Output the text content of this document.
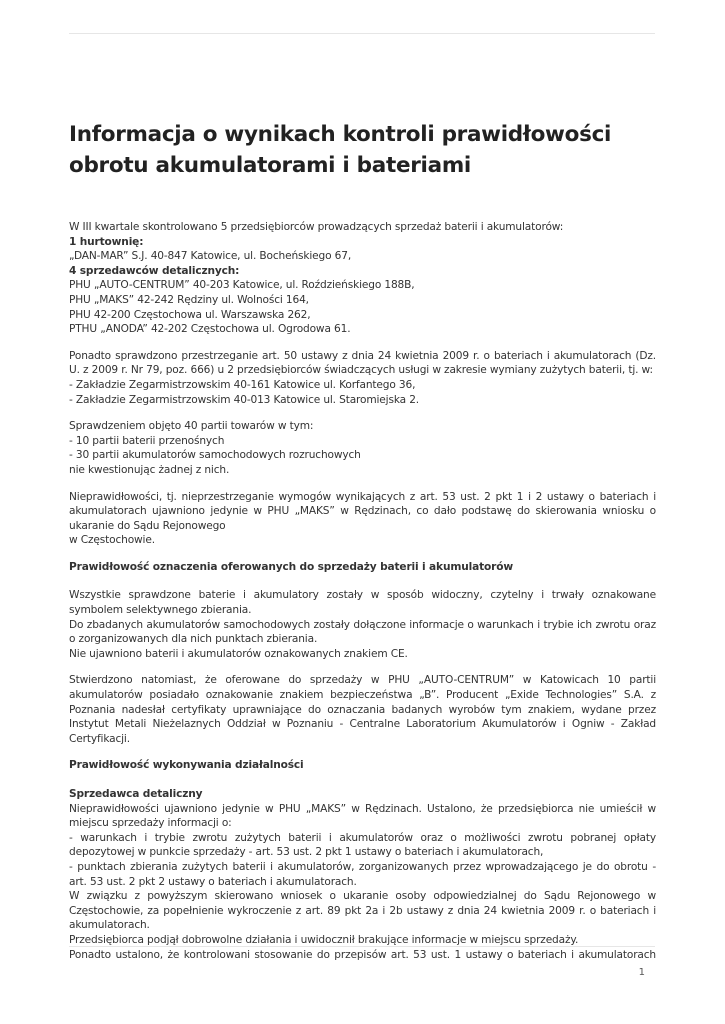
Informacja o wynikach kontroli prawidłowości obrotu akumulatorami i bateriami

W III kwartale skontrolowano 5 przedsiębiorców prowadzących sprzedaż baterii i akumulatorów:
1 hurtownię:
„DAN-MAR” S.J. 40-847 Katowice, ul. Bocheńskiego 67,
4 sprzedawców detalicznych:
PHU „AUTO-CENTRUM” 40-203 Katowice, ul. Roździeńskiego 188B,
PHU „MAKS” 42-242 Rędziny ul. Wolności 164,
PHU 42-200 Częstochowa ul. Warszawska 262,
PTHU „ANODA” 42-202 Częstochowa ul. Ogrodowa 61.

Ponadto sprawdzono przestrzeganie art. 50 ustawy z dnia 24 kwietnia 2009 r. o bateriach i akumulatorach (Dz. U. z 2009 r. Nr 79, poz. 666) u 2 przedsiębiorców świadczących usługi w zakresie wymiany zużytych baterii, tj. w:
- Zakładzie Zegarmistrzowskim 40-161 Katowice ul. Korfantego 36,
- Zakładzie Zegarmistrzowskim 40-013 Katowice ul. Staromiejska 2.

Sprawdzeniem objęto 40 partii towarów w tym:
- 10 partii baterii przenośnych
- 30 partii akumulatorów samochodowych rozruchowych
nie kwestionując żadnej z nich.

Nieprawidłowości, tj. nieprzestrzeganie wymogów wynikających z art. 53 ust. 2 pkt 1 i 2 ustawy o bateriach i akumulatorach ujawniono jedynie w PHU „MAKS” w Rędzinach, co dało podstawę do skierowania wniosku o ukaranie do Sądu Rejonowego
w Częstochowie.

Prawidłowość oznaczenia oferowanych do sprzedaży baterii i akumulatorów

Wszystkie sprawdzone baterie i akumulatory zostały w sposób widoczny, czytelny i trwały oznakowane symbolem selektywnego zbierania.
Do zbadanych akumulatorów samochodowych zostały dołączone informacje o warunkach i trybie ich zwrotu oraz o zorganizowanych dla nich punktach zbierania.
Nie ujawniono baterii i akumulatorów oznakowanych znakiem CE.

Stwierdzono natomiast, że oferowane do sprzedaży w PHU „AUTO-CENTRUM” w Katowicach 10 partii akumulatorów posiadało oznakowanie znakiem bezpieczeństwa „B”. Producent „Exide Technologies” S.A. z Poznania nadesłał certyfikaty uprawniające do oznaczania badanych wyrobów tym znakiem, wydane przez Instytut Metali Nieżelaznych Oddział w Poznaniu - Centralne Laboratorium Akumulatorów i Ogniw - Zakład Certyfikacji.

Prawidłowość wykonywania działalności

Sprzedawca detaliczny
Nieprawidłowości ujawniono jedynie w PHU „MAKS” w Rędzinach. Ustalono, że przedsiębiorca nie umieścił w miejscu sprzedaży informacji o:
- warunkach i trybie zwrotu zużytych baterii i akumulatorów oraz o możliwości zwrotu pobranej opłaty depozytowej w punkcie sprzedaży - art. 53 ust. 2 pkt 1 ustawy o bateriach i akumulatorach,
- punktach zbierania zużytych baterii i akumulatorów, zorganizowanych przez wprowadzającego je do obrotu - art. 53 ust. 2 pkt 2 ustawy o bateriach i akumulatorach.
W związku z powyższym skierowano wniosek o ukaranie osoby odpowiedzialnej do Sądu Rejonowego w Częstochowie, za popełnienie wykroczenie z art. 89 pkt 2a i 2b ustawy z dnia 24 kwietnia 2009 r. o bateriach i akumulatorach.
Przedsiębiorca podjął dobrowolne działania i uwidocznił brakujące informacje w miejscu sprzedaży.
Ponadto ustalono, że kontrolowani stosowanie do przepisów art. 53 ust. 1 ustawy o bateriach i akumulatorach

1
